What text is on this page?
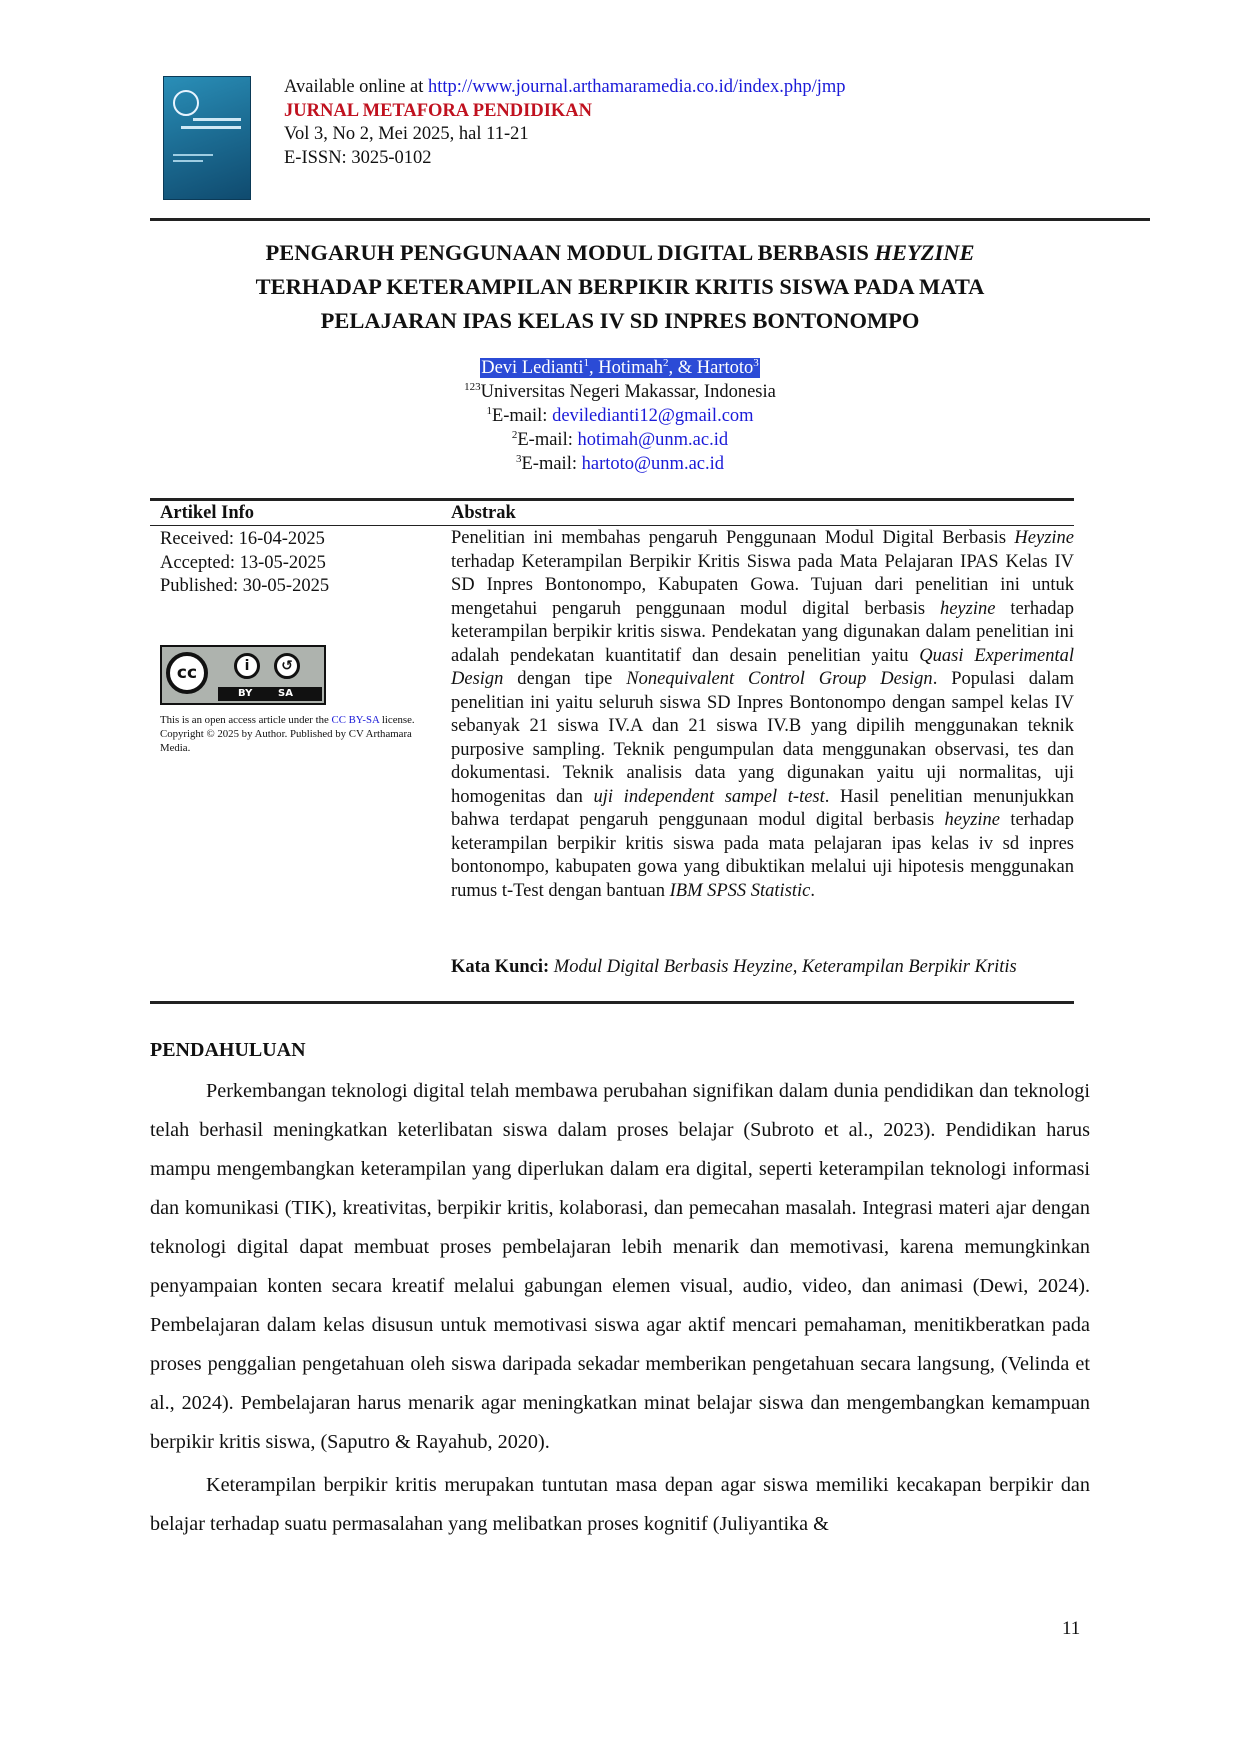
Available online at http://www.journal.arthamaramedia.co.id/index.php/jmp
JURNAL METAFORA PENDIDIKAN
Vol 3, No 2, Mei 2025, hal 11-21
E-ISSN: 3025-0102
PENGARUH PENGGUNAAN MODUL DIGITAL BERBASIS HEYZINE
TERHADAP KETERAMPILAN BERPIKIR KRITIS SISWA PADA MATA
PELAJARAN IPAS KELAS IV SD INPRES BONTONOMPO
Devi Ledianti$^1$, Hotimah$^2$, & Hartoto$^3$
$^{123}$Universitas Negeri Makassar, Indonesia
$^1$E-mail: deviledianti12@gmail.com
$^2$E-mail: hotimah@unm.ac.id
$^3$E-mail: hartoto@unm.ac.id
Artikel Info	Abstrak
Received: 16-04-2025
Accepted: 13-05-2025
Published: 30-05-2025
cc	i	↺
BY	SA
This is an open access article under the CC BY-SA license. Copyright © 2025 by Author. Published by CV Arthamara Media.
Penelitian ini membahas pengaruh Penggunaan Modul Digital Berbasis Heyzine terhadap Keterampilan Berpikir Kritis Siswa pada Mata Pelajaran IPAS Kelas IV SD Inpres Bontonompo, Kabupaten Gowa. Tujuan dari penelitian ini untuk mengetahui pengaruh penggunaan modul digital berbasis heyzine terhadap keterampilan berpikir kritis siswa. Pendekatan yang digunakan dalam penelitian ini adalah pendekatan kuantitatif dan desain penelitian yaitu Quasi Experimental Design dengan tipe Nonequivalent Control Group Design. Populasi dalam penelitian ini yaitu seluruh siswa SD Inpres Bontonompo dengan sampel kelas IV sebanyak 21 siswa IV.A dan 21 siswa IV.B yang dipilih menggunakan teknik purposive sampling. Teknik pengumpulan data menggunakan observasi, tes dan dokumentasi. Teknik analisis data yang digunakan yaitu uji normalitas, uji homogenitas dan uji independent sampel t-test. Hasil penelitian menunjukkan bahwa terdapat pengaruh penggunaan modul digital berbasis heyzine terhadap keterampilan berpikir kritis siswa pada mata pelajaran ipas kelas iv sd inpres bontonompo, kabupaten gowa yang dibuktikan melalui uji hipotesis menggunakan rumus t-Test dengan bantuan IBM SPSS Statistic.
Kata Kunci: Modul Digital Berbasis Heyzine, Keterampilan Berpikir Kritis
PENDAHULUAN

Perkembangan teknologi digital telah membawa perubahan signifikan dalam dunia pendidikan dan teknologi telah berhasil meningkatkan keterlibatan siswa dalam proses belajar (Subroto et al., 2023). Pendidikan harus mampu mengembangkan keterampilan yang diperlukan dalam era digital, seperti keterampilan teknologi informasi dan komunikasi (TIK), kreativitas, berpikir kritis, kolaborasi, dan pemecahan masalah. Integrasi materi ajar dengan teknologi digital dapat membuat proses pembelajaran lebih menarik dan memotivasi, karena memungkinkan penyampaian konten secara kreatif melalui gabungan elemen visual, audio, video, dan animasi (Dewi, 2024). Pembelajaran dalam kelas disusun untuk memotivasi siswa agar aktif mencari pemahaman, menitikberatkan pada proses penggalian pengetahuan oleh siswa daripada sekadar memberikan pengetahuan secara langsung, (Velinda et al., 2024). Pembelajaran harus menarik agar meningkatkan minat belajar siswa dan mengembangkan kemampuan berpikir kritis siswa, (Saputro & Rayahub, 2020).

Keterampilan berpikir kritis merupakan tuntutan masa depan agar siswa memiliki kecakapan berpikir dan belajar terhadap suatu permasalahan yang melibatkan proses kognitif (Juliyantika &

11
